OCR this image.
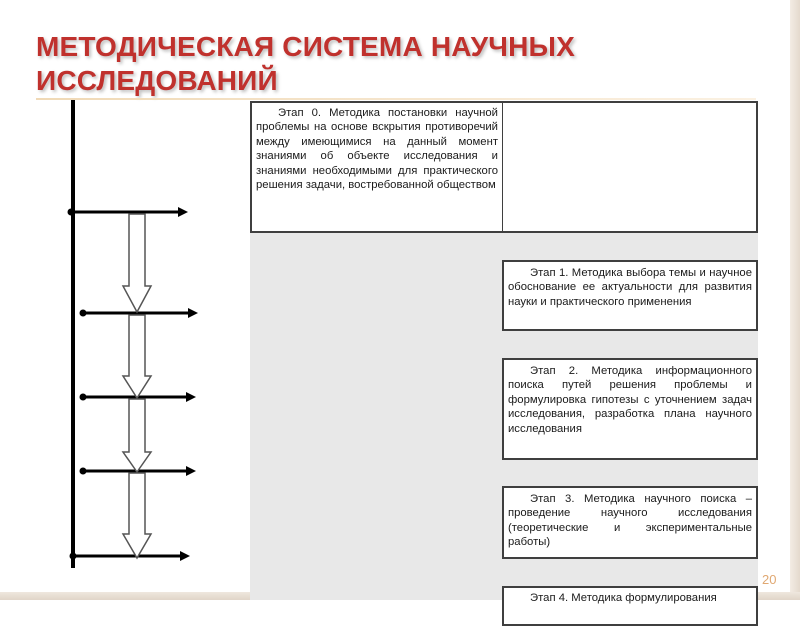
МЕТОДИЧЕСКАЯ СИСТЕМА НАУЧНЫХ ИССЛЕДОВАНИЙ

Этап 0. Методика постановки научной проблемы на основе вскрытия противоречий между имеющимися на данный момент знаниями об объекте исследования и знаниями необходимыми для практического решения задачи, востребованной обществом

Этап 1. Методика выбора темы и научное обоснование ее актуальности для развития науки и практического применения

Этап 2. Методика информационного поиска путей решения проблемы и формулировка гипотезы с уточнением задач исследования, разработка плана научного исследования

Этап 3. Методика научного поиска – проведение научного исследования (теоретические и экспериментальные работы)

Этап 4. Методика формулирования

20
